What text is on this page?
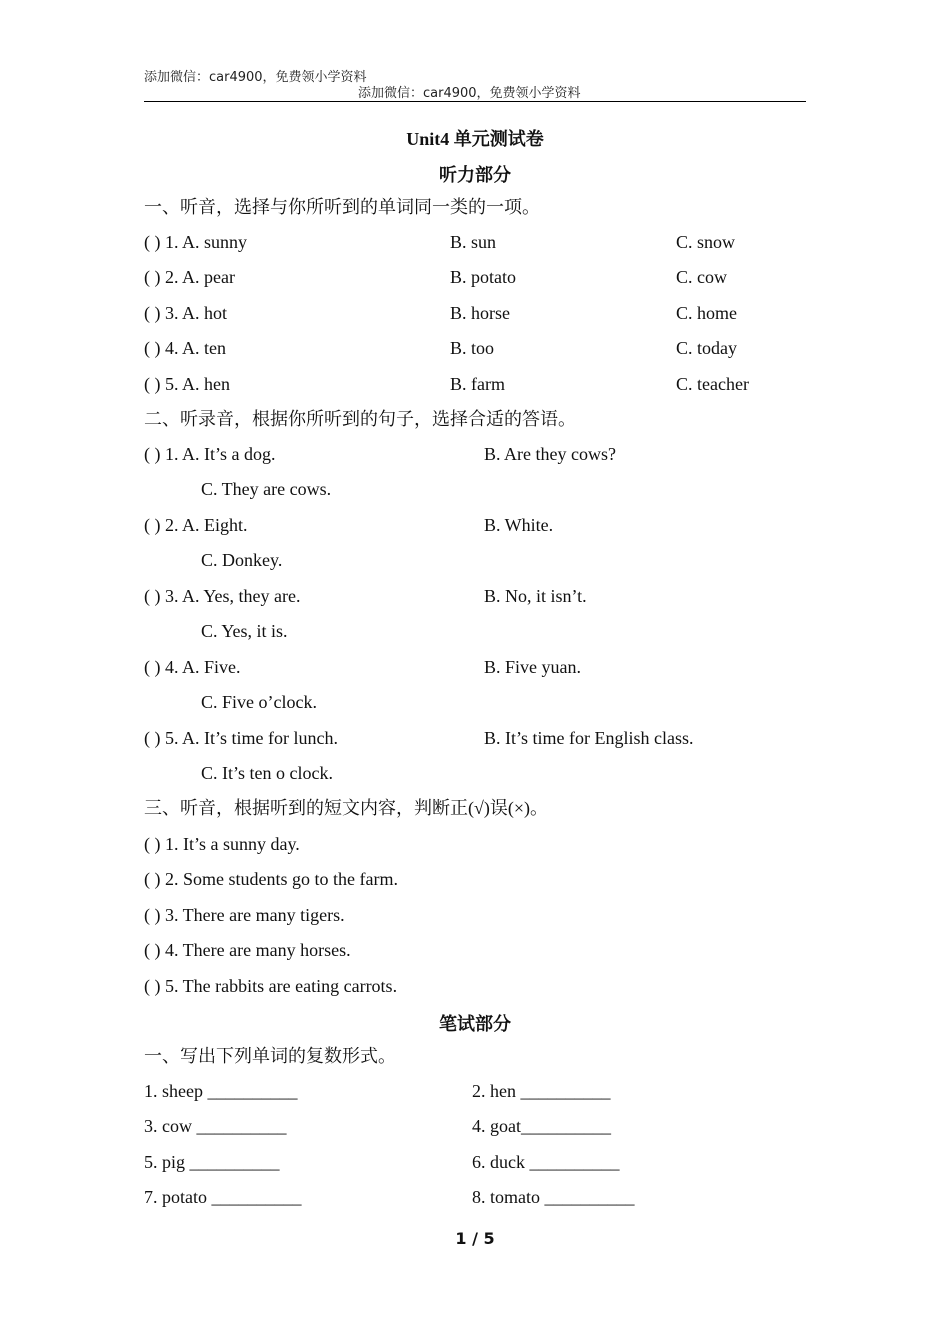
添加微信：car4900，免费领小学资料
添加微信：car4900，免费领小学资料
Unit4 单元测试卷
听力部分
一、听音，选择与你所听到的单词同一类的一项。
( ) 1. A. sunny	B. sun	C. snow
( ) 2. A. pear	B. potato	C. cow
( ) 3. A. hot	B. horse	C. home
( ) 4. A. ten	B. too	C. today
( ) 5. A. hen	B. farm	C. teacher
二、听录音，根据你所听到的句子，选择合适的答语。
( ) 1. A. It’s a dog.	B. Are they cows?
C. They are cows.
( ) 2. A. Eight.	B. White.
C. Donkey.
( ) 3. A. Yes, they are.	B. No, it isn’t.
C. Yes, it is.
( ) 4. A. Five.	B. Five yuan.
C. Five o’clock.
( ) 5. A. It’s time for lunch.	B. It’s time for English class.
C. It’s ten o clock.
三、听音，根据听到的短文内容，判断正(√)误(×)。
( ) 1. It’s a sunny day.
( ) 2. Some students go to the farm.
( ) 3. There are many tigers.
( ) 4. There are many horses.
( ) 5. The rabbits are eating carrots.
笔试部分
一、写出下列单词的复数形式。
1. sheep __________	2. hen __________
3. cow __________	4. goat__________
5. pig __________	6. duck __________
7. potato __________	8. tomato __________
1 / 5
